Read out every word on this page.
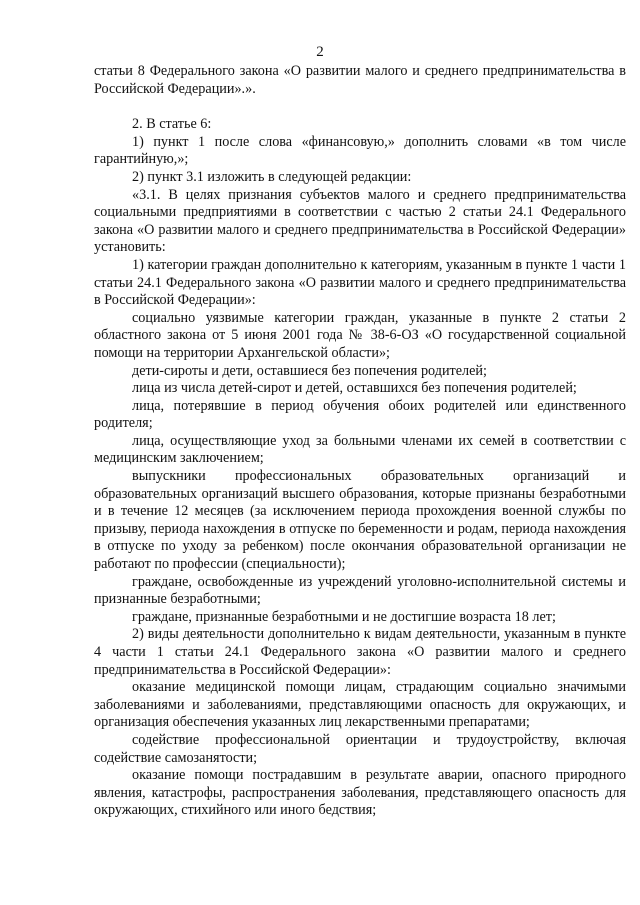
2

статьи 8 Федерального закона «О развитии малого и среднего предпринимательства в Российской Федерации».».

2. В статье 6:

1) пункт 1 после слова «финансовую,» дополнить словами «в том числе гарантийную,»;

2) пункт 3.1 изложить в следующей редакции:

«3.1. В целях признания субъектов малого и среднего предпринимательства социальными предприятиями в соответствии с частью 2 статьи 24.1 Федерального закона «О развитии малого и среднего предпринимательства в Российской Федерации» установить:

1) категории граждан дополнительно к категориям, указанным в пункте 1 части 1 статьи 24.1 Федерального закона «О развитии малого и среднего предпринимательства в Российской Федерации»:

социально уязвимые категории граждан, указанные в пункте 2 статьи 2 областного закона от 5 июня 2001 года № 38-6-ОЗ «О государственной социальной помощи на территории Архангельской области»;

дети-сироты и дети, оставшиеся без попечения родителей;

лица из числа детей-сирот и детей, оставшихся без попечения родителей;

лица, потерявшие в период обучения обоих родителей или единственного родителя;

лица, осуществляющие уход за больными членами их семей в соответствии с медицинским заключением;

выпускники профессиональных образовательных организаций и образовательных организаций высшего образования, которые признаны безработными и в течение 12 месяцев (за исключением периода прохождения военной службы по призыву, периода нахождения в отпуске по беременности и родам, периода нахождения в отпуске по уходу за ребенком) после окончания образовательной организации не работают по профессии (специальности);

граждане, освобожденные из учреждений уголовно-исполнительной системы и признанные безработными;

граждане, признанные безработными и не достигшие возраста 18 лет;

2) виды деятельности дополнительно к видам деятельности, указанным в пункте 4 части 1 статьи 24.1 Федерального закона «О развитии малого и среднего предпринимательства в Российской Федерации»:

оказание медицинской помощи лицам, страдающим социально значимыми заболеваниями и заболеваниями, представляющими опасность для окружающих, и организация обеспечения указанных лиц лекарственными препаратами;

содействие профессиональной ориентации и трудоустройству, включая содействие самозанятости;

оказание помощи пострадавшим в результате аварии, опасного природного явления, катастрофы, распространения заболевания, представляющего опасность для окружающих, стихийного или иного бедствия;
